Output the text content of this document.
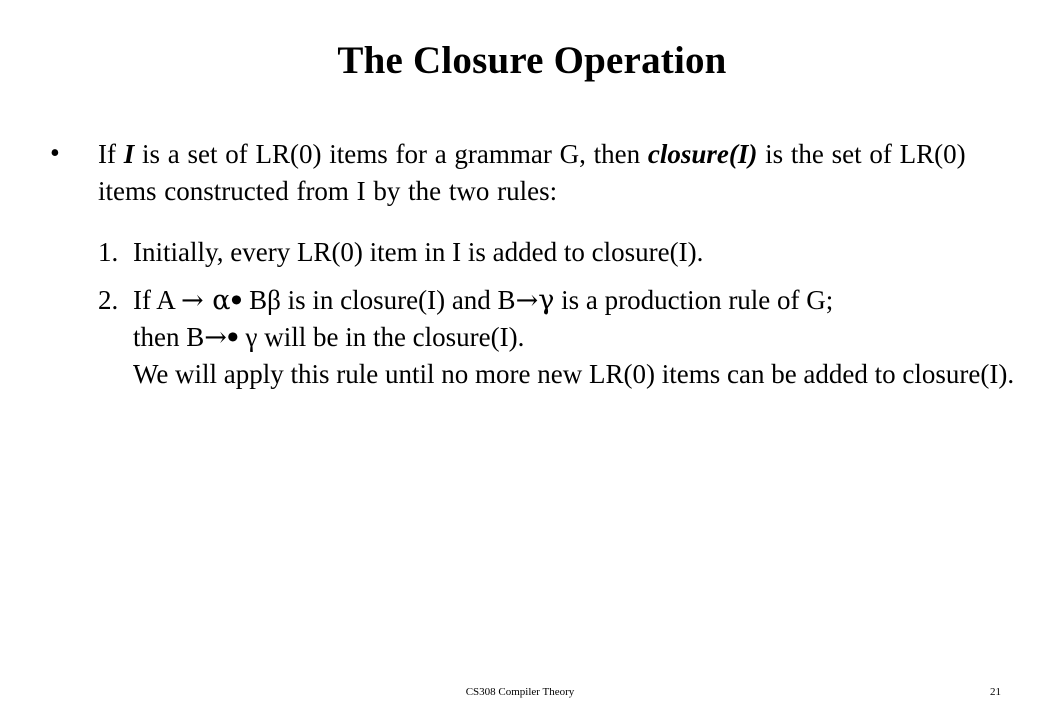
The Closure Operation
• If I is a set of LR(0) items for a grammar G, then closure(I) is the set of LR(0) items constructed from I by the two rules:
1. Initially, every LR(0) item in I is added to closure(I).
2. If A → α• Bβ is in closure(I) and B→γ is a production rule of G;
then B→• γ will be in the closure(I).
We will apply this rule until no more new LR(0) items can be added to closure(I).
CS308 Compiler Theory	21
